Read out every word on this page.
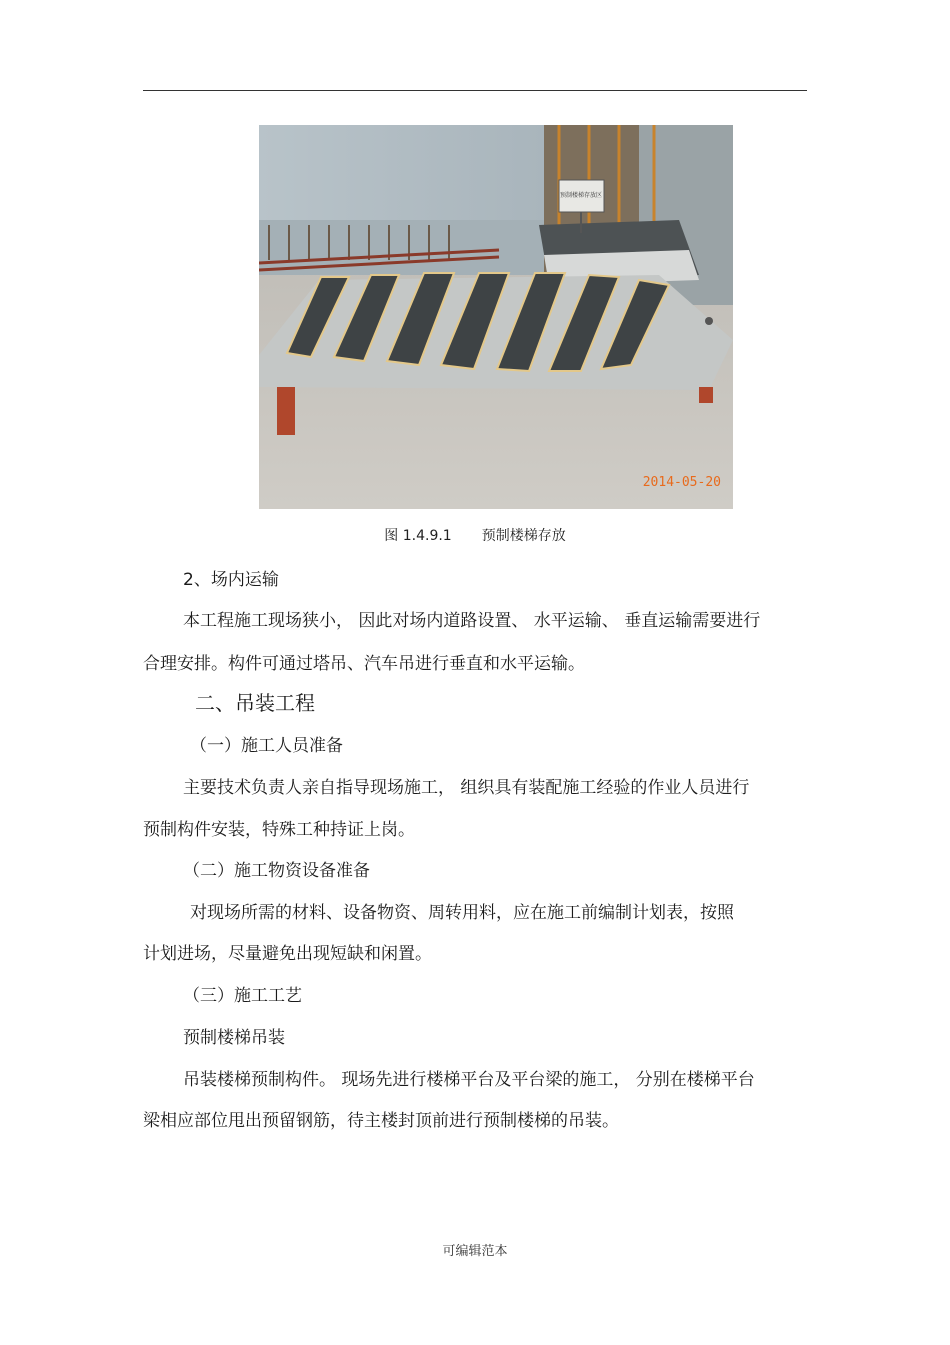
预制楼梯存放区
2014-05-20
图 1.4.9.1 预制楼梯存放
2、场内运输
本工程施工现场狭小， 因此对场内道路设置、 水平运输、 垂直运输需要进行
合理安排。构件可通过塔吊、汽车吊进行垂直和水平运输。
二、吊装工程
（一）施工人员准备
主要技术负责人亲自指导现场施工， 组织具有装配施工经验的作业人员进行
预制构件安装，特殊工种持证上岗。
（二）施工物资设备准备
对现场所需的材料、设备物资、周转用料，应在施工前编制计划表，按照
计划进场，尽量避免出现短缺和闲置。
（三）施工工艺
预制楼梯吊装
吊装楼梯预制构件。 现场先进行楼梯平台及平台梁的施工， 分别在楼梯平台
梁相应部位甩出预留钢筋，待主楼封顶前进行预制楼梯的吊装。
可编辑范本
